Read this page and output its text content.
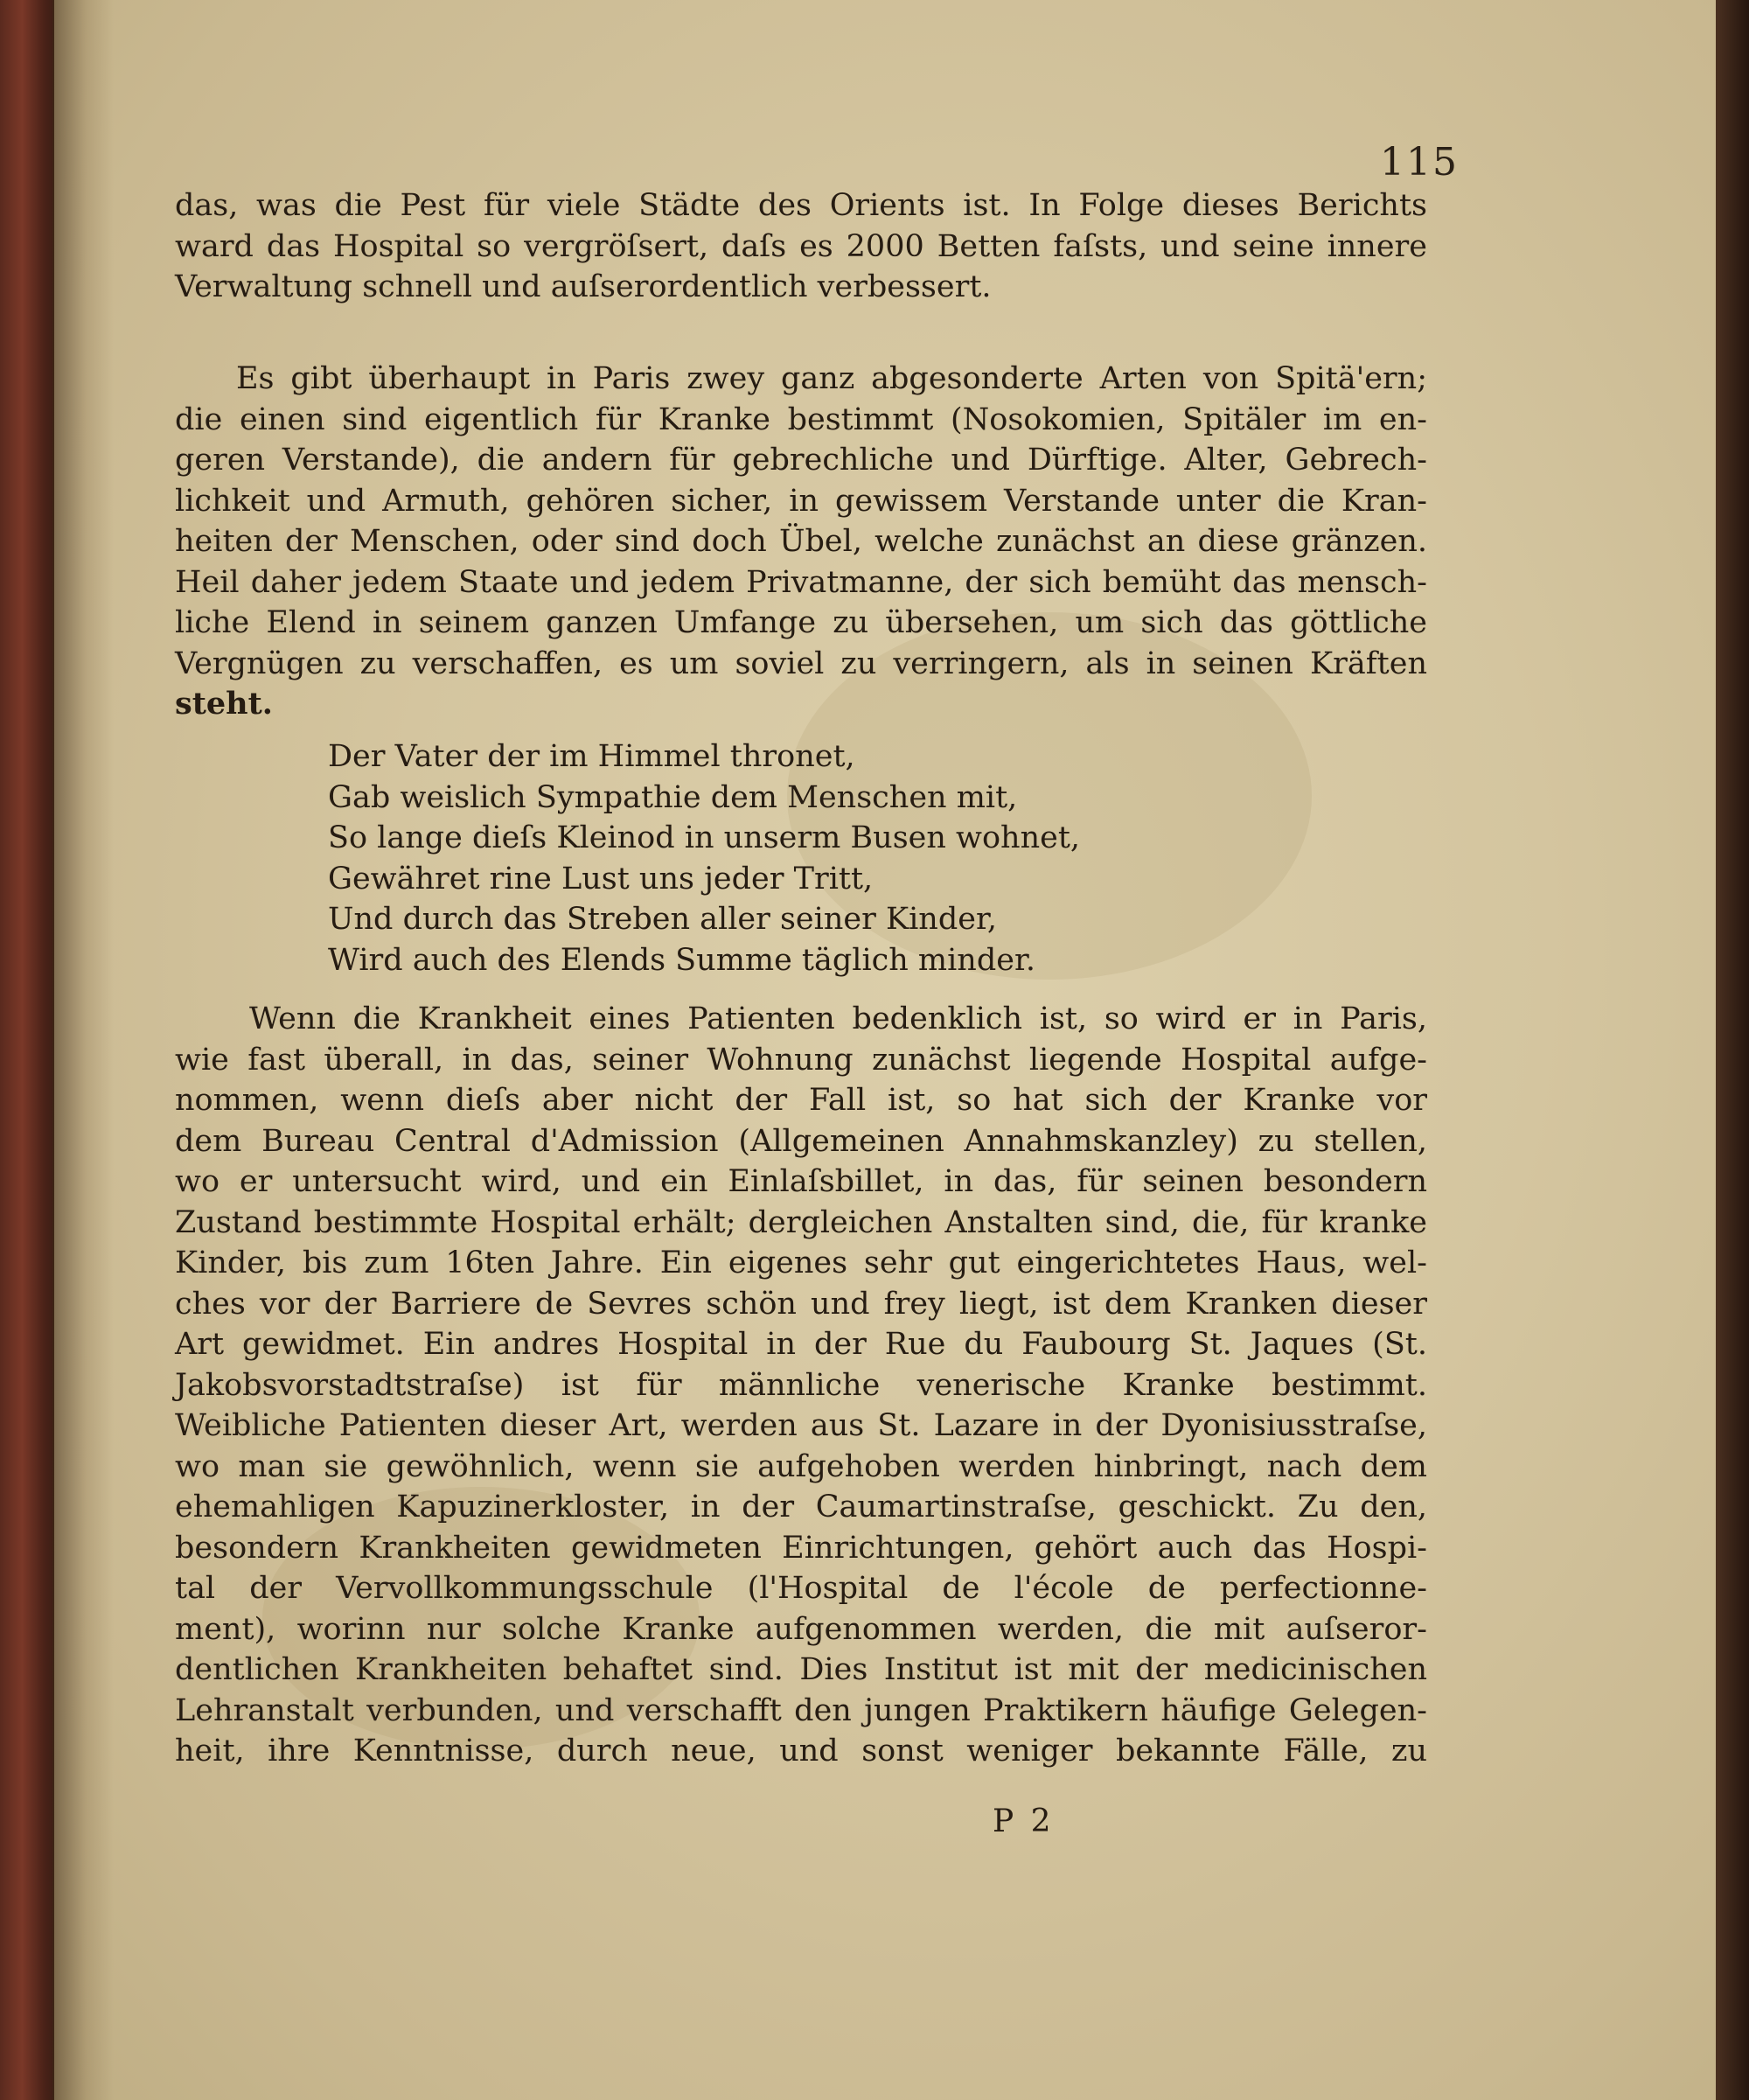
115
das, was die Pest für viele Städte des Orients ist. In Folge dieses Berichts
ward das Hospital so vergröſsert, daſs es 2000 Betten faſsts, und seine innere
Verwaltung schnell und auſserordentlich verbessert.
Es gibt überhaupt in Paris zwey ganz abgesonderte Arten von Spitä'ern;
die einen sind eigentlich für Kranke bestimmt (Nosokomien, Spitäler im en-
geren Verstande), die andern für gebrechliche und Dürftige. Alter, Gebrech-
lichkeit und Armuth, gehören sicher, in gewissem Verstande unter die Kran-
heiten der Menschen, oder sind doch Übel, welche zunächst an diese gränzen.
Heil daher jedem Staate und jedem Privatmanne, der sich bemüht das mensch-
liche Elend in seinem ganzen Umfange zu übersehen, um sich das göttliche
Vergnügen zu verschaffen, es um soviel zu verringern, als in seinen Kräften
steht.
Der Vater der im Himmel thronet,
Gab weislich Sympathie dem Menschen mit,
So lange dieſs Kleinod in unserm Busen wohnet,
Gewähret rine Lust uns jeder Tritt,
Und durch das Streben aller seiner Kinder,
Wird auch des Elends Summe täglich minder.
Wenn die Krankheit eines Patienten bedenklich ist, so wird er in Paris,
wie fast überall, in das, seiner Wohnung zunächst liegende Hospital aufge-
nommen, wenn dieſs aber nicht der Fall ist, so hat sich der Kranke vor
dem Bureau Central d'Admission (Allgemeinen Annahmskanzley) zu stellen,
wo er untersucht wird, und ein Einlaſsbillet, in das, für seinen besondern
Zustand bestimmte Hospital erhält; dergleichen Anstalten sind, die, für kranke
Kinder, bis zum 16ten Jahre. Ein eigenes sehr gut eingerichtetes Haus, wel-
ches vor der Barriere de Sevres schön und frey liegt, ist dem Kranken dieser
Art gewidmet. Ein andres Hospital in der Rue du Faubourg St. Jaques (St.
Jakobsvorstadtstraſse) ist für männliche venerische Kranke bestimmt.
Weibliche Patienten dieser Art, werden aus St. Lazare in der Dyonisiusstraſse,
wo man sie gewöhnlich, wenn sie aufgehoben werden hinbringt, nach dem
ehemahligen Kapuzinerkloster, in der Caumartinstraſse, geschickt. Zu den,
besondern Krankheiten gewidmeten Einrichtungen, gehört auch das Hospi-
tal der Vervollkommungsschule (l'Hospital de l'école de perfectionne-
ment), worinn nur solche Kranke aufgenommen werden, die mit auſseror-
dentlichen Krankheiten behaftet sind. Dies Institut ist mit der medicinischen
Lehranstalt verbunden, und verschafft den jungen Praktikern häufige Gelegen-
heit, ihre Kenntnisse, durch neue, und sonst weniger bekannte Fälle, zu
P 2
